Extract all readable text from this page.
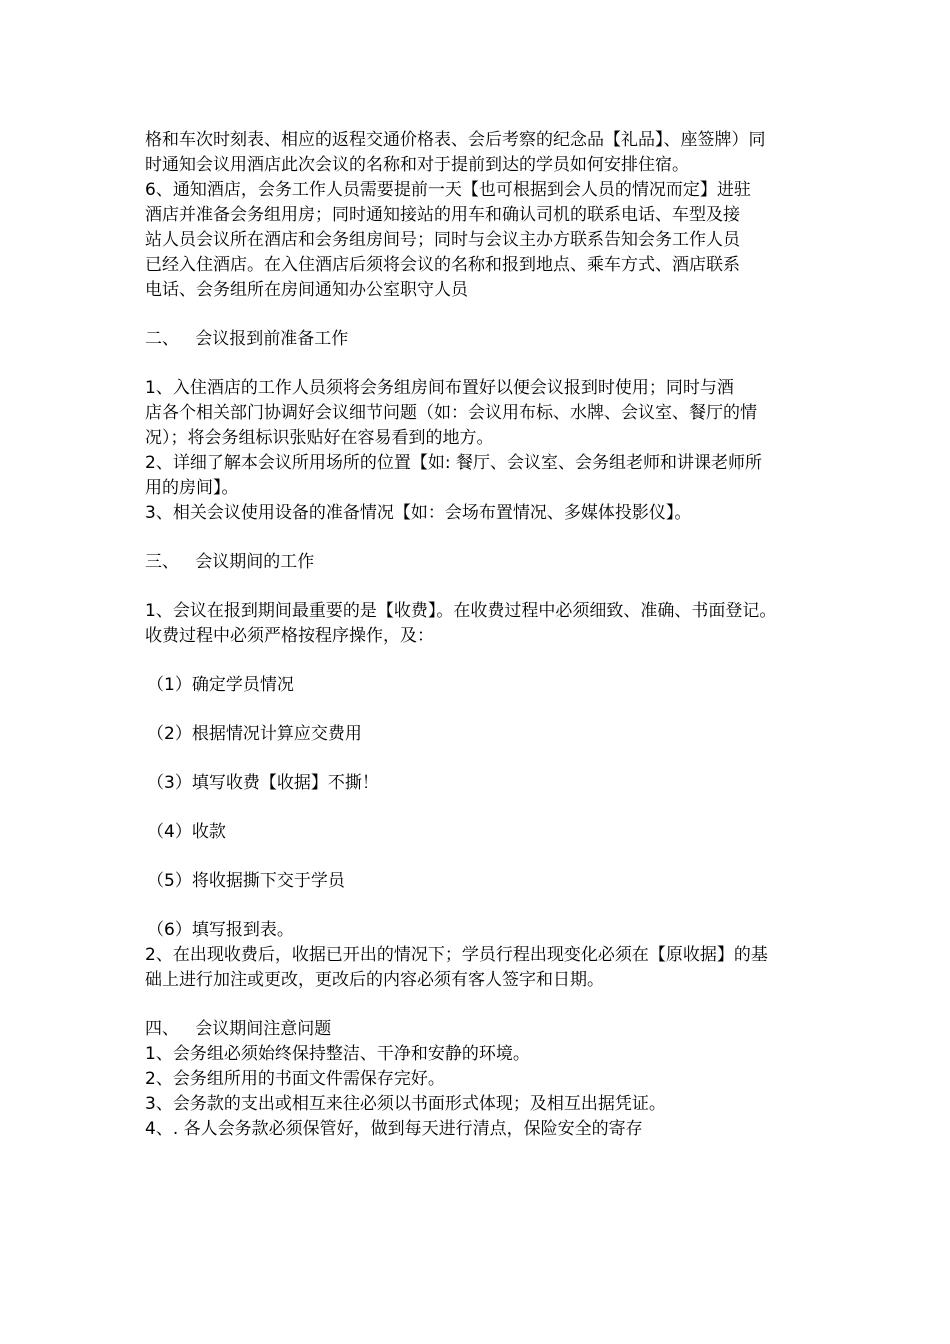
格和车次时刻表、相应的返程交通价格表、会后考察的纪念品【礼品】、座签牌）同
时通知会议用酒店此次会议的名称和对于提前到达的学员如何安排住宿。
6、通知酒店，会务工作人员需要提前一天【也可根据到会人员的情况而定】进驻
酒店并准备会务组用房；同时通知接站的用车和确认司机的联系电话、车型及接
站人员会议所在酒店和会务组房间号；同时与会议主办方联系告知会务工作人员
已经入住酒店。在入住酒店后须将会议的名称和报到地点、乘车方式、酒店联系
电话、会务组所在房间通知办公室职守人员
二、   会议报到前准备工作
1、入住酒店的工作人员须将会务组房间布置好以便会议报到时使用；同时与酒
店各个相关部门协调好会议细节问题（如：会议用布标、水牌、会议室、餐厅的情
况）；将会务组标识张贴好在容易看到的地方。
2、详细了解本会议所用场所的位置【如: 餐厅、会议室、会务组老师和讲课老师所
用的房间】。
3、相关会议使用设备的准备情况【如：会场布置情况、多媒体投影仪】。
三、   会议期间的工作
1、会议在报到期间最重要的是【收费】。在收费过程中必须细致、准确、书面登记。
收费过程中必须严格按程序操作，及：
（1）确定学员情况
（2）根据情况计算应交费用
（3）填写收费【收据】不撕！
（4）收款
（5）将收据撕下交于学员
（6）填写报到表。
2、在出现收费后，收据已开出的情况下；学员行程出现变化必须在【原收据】的基
础上进行加注或更改，更改后的内容必须有客人签字和日期。
四、   会议期间注意问题
1、会务组必须始终保持整洁、干净和安静的环境。
2、会务组所用的书面文件需保存完好。
3、会务款的支出或相互来往必须以书面形式体现；及相互出据凭证。
4、. 各人会务款必须保管好，做到每天进行清点，保险安全的寄存
